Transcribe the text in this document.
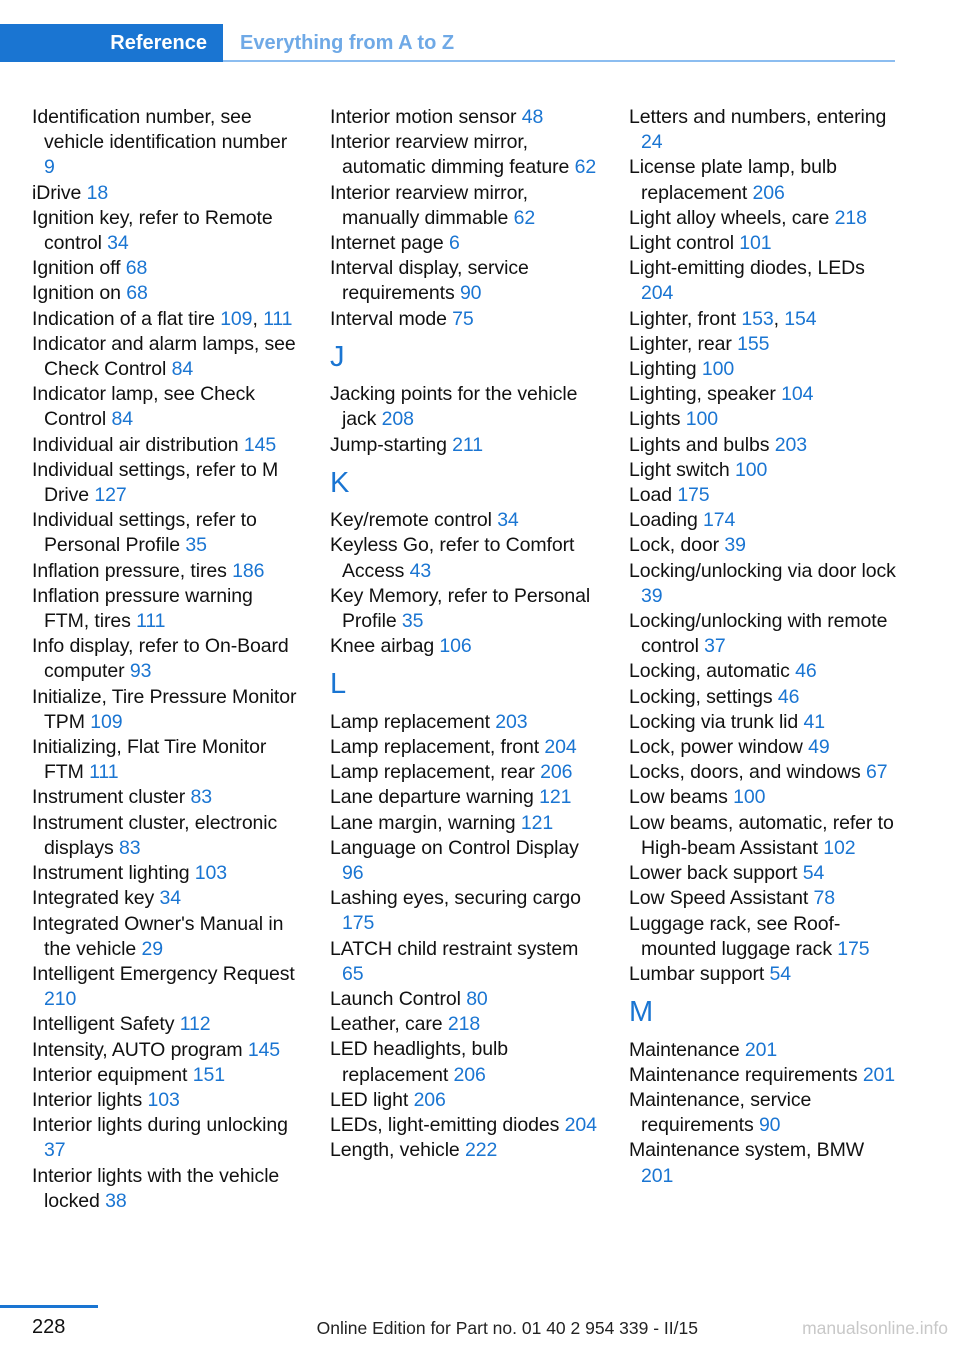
Reference Everything from A to Z
Identification number, see vehicle identification number 9
iDrive 18
Ignition key, refer to Remote control 34
Ignition off 68
Ignition on 68
Indication of a flat tire 109, 111
Indicator and alarm lamps, see Check Control 84
Indicator lamp, see Check Control 84
Individual air distribution 145
Individual settings, refer to M Drive 127
Individual settings, refer to Personal Profile 35
Inflation pressure, tires 186
Inflation pressure warning FTM, tires 111
Info display, refer to On-Board computer 93
Initialize, Tire Pressure Monitor TPM 109
Initializing, Flat Tire Monitor FTM 111
Instrument cluster 83
Instrument cluster, electronic displays 83
Instrument lighting 103
Integrated key 34
Integrated Owner's Manual in the vehicle 29
Intelligent Emergency Request 210
Intelligent Safety 112
Intensity, AUTO program 145
Interior equipment 151
Interior lights 103
Interior lights during unlocking 37
Interior lights with the vehicle locked 38
Interior motion sensor 48
Interior rearview mirror, automatic dimming feature 62
Interior rearview mirror, manually dimmable 62
Internet page 6
Interval display, service requirements 90
Interval mode 75
J
Jacking points for the vehicle jack 208
Jump-starting 211
K
Key/remote control 34
Keyless Go, refer to Comfort Access 43
Key Memory, refer to Personal Profile 35
Knee airbag 106
L
Lamp replacement 203
Lamp replacement, front 204
Lamp replacement, rear 206
Lane departure warning 121
Lane margin, warning 121
Language on Control Display 96
Lashing eyes, securing cargo 175
LATCH child restraint system 65
Launch Control 80
Leather, care 218
LED headlights, bulb replacement 206
LED light 206
LEDs, light-emitting diodes 204
Length, vehicle 222
Letters and numbers, entering 24
License plate lamp, bulb replacement 206
Light alloy wheels, care 218
Light control 101
Light-emitting diodes, LEDs 204
Lighter, front 153, 154
Lighter, rear 155
Lighting 100
Lighting, speaker 104
Lights 100
Lights and bulbs 203
Light switch 100
Load 175
Loading 174
Lock, door 39
Locking/unlocking via door lock 39
Locking/unlocking with remote control 37
Locking, automatic 46
Locking, settings 46
Locking via trunk lid 41
Lock, power window 49
Locks, doors, and windows 67
Low beams 100
Low beams, automatic, refer to High-beam Assistant 102
Lower back support 54
Low Speed Assistant 78
Luggage rack, see Roof-mounted luggage rack 175
Lumbar support 54
M
Maintenance 201
Maintenance requirements 201
Maintenance, service requirements 90
Maintenance system, BMW 201
228	Online Edition for Part no. 01 40 2 954 339 - II/15	manualsonline.info
